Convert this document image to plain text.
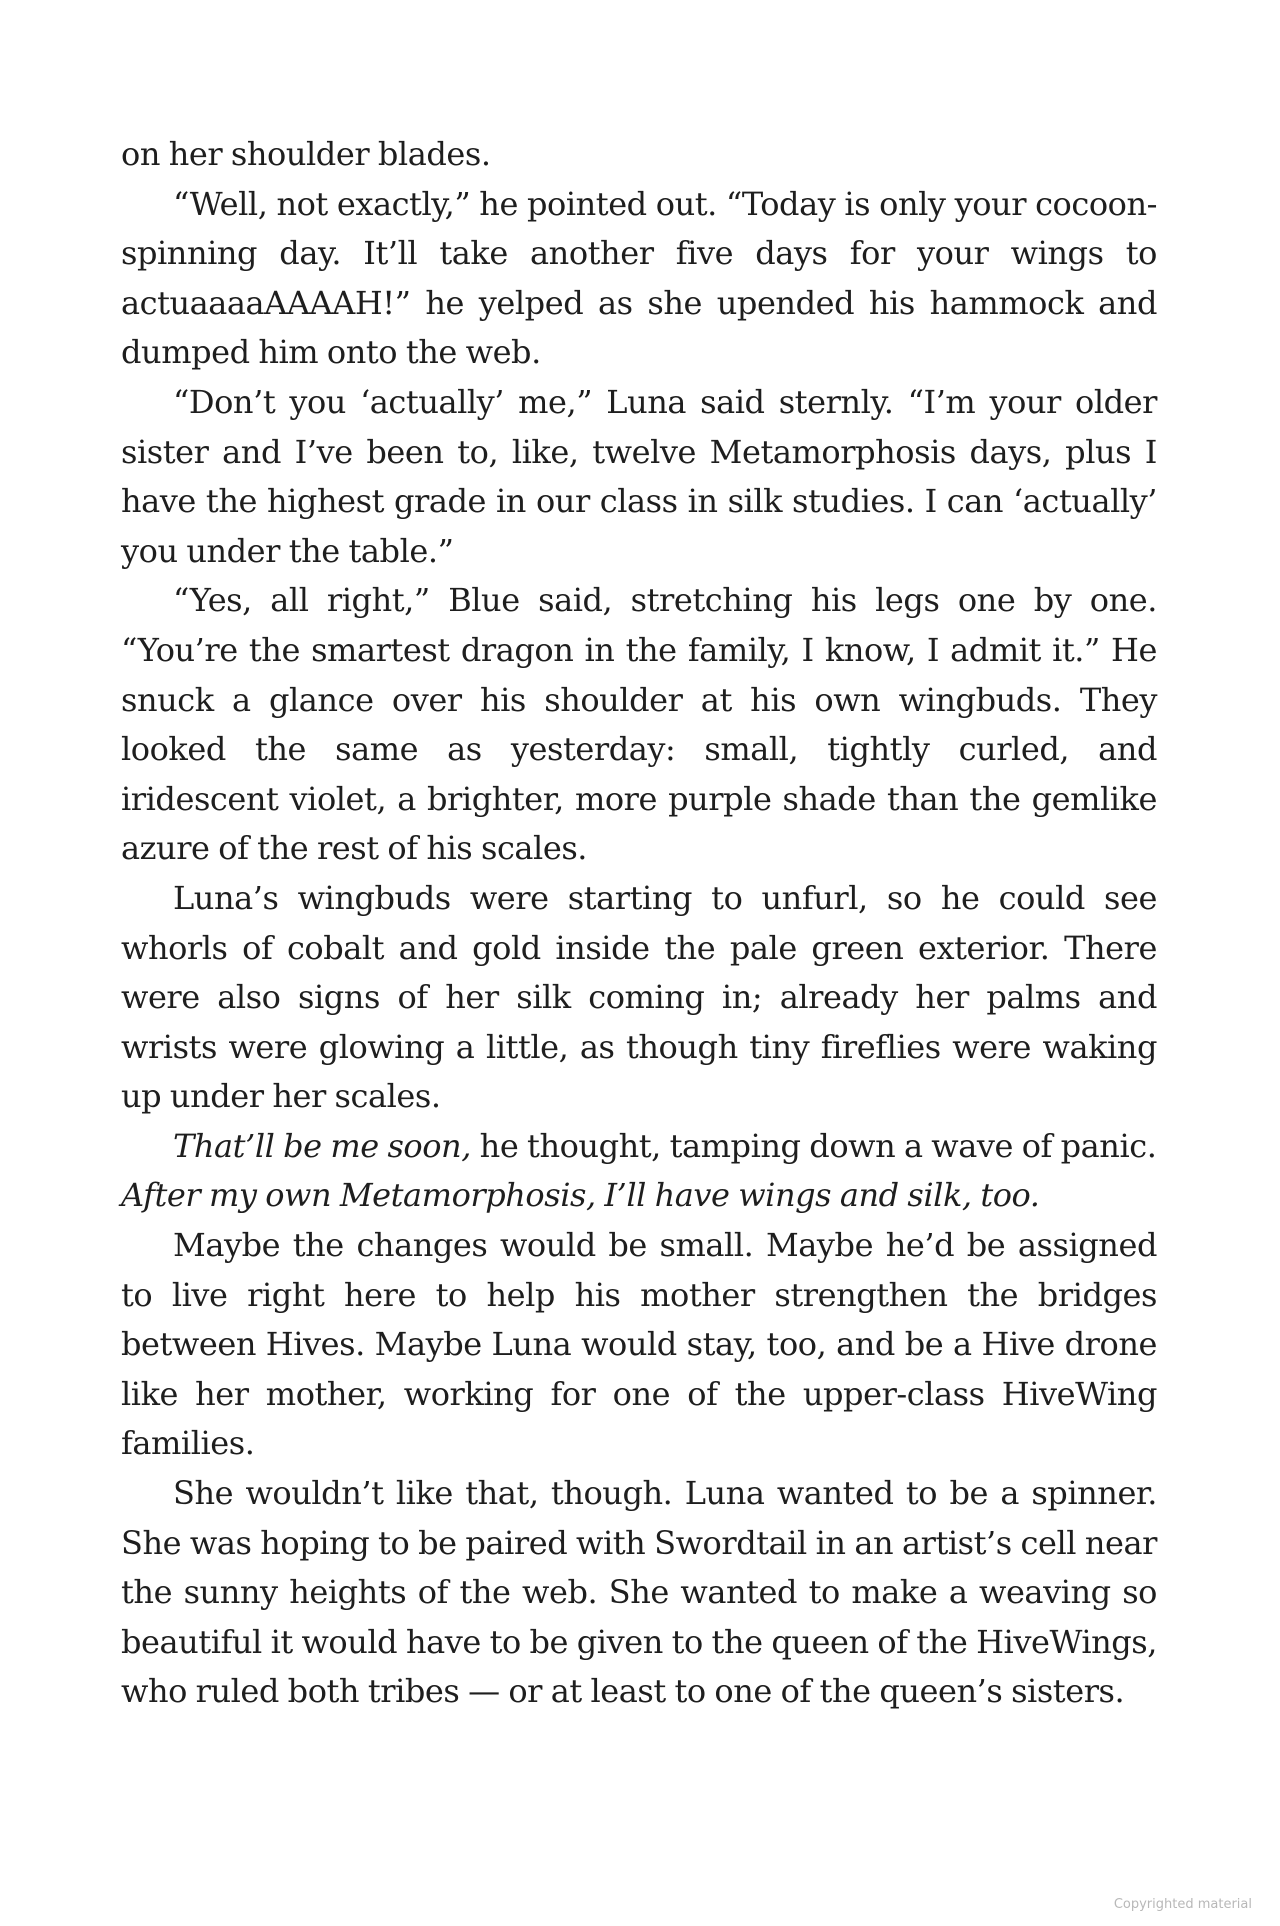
on her shoulder blades.

“Well, not exactly,” he pointed out. “Today is only your cocoon-spinning day. It’ll take another five days for your wings to actuaaaaAAAAH!” he yelped as she upended his hammock and dumped him onto the web.

“Don’t you ‘actually’ me,” Luna said sternly. “I’m your older sister and I’ve been to, like, twelve Metamorphosis days, plus I have the highest grade in our class in silk studies. I can ‘actually’ you under the table.”

“Yes, all right,” Blue said, stretching his legs one by one. “You’re the smartest dragon in the family, I know, I admit it.” He snuck a glance over his shoulder at his own wingbuds. They looked the same as yesterday: small, tightly curled, and iridescent violet, a brighter, more purple shade than the gemlike azure of the rest of his scales.

Luna’s wingbuds were starting to unfurl, so he could see whorls of cobalt and gold inside the pale green exterior. There were also signs of her silk coming in; already her palms and wrists were glowing a little, as though tiny fireflies were waking up under her scales.

That’ll be me soon, he thought, tamping down a wave of panic.

After my own Metamorphosis, I’ll have wings and silk, too.

Maybe the changes would be small. Maybe he’d be assigned to live right here to help his mother strengthen the bridges between Hives. Maybe Luna would stay, too, and be a Hive drone like her mother, working for one of the upper-class HiveWing families.

She wouldn’t like that, though. Luna wanted to be a spinner. She was hoping to be paired with Swordtail in an artist’s cell near the sunny heights of the web. She wanted to make a weaving so beautiful it would have to be given to the queen of the HiveWings, who ruled both tribes — or at least to one of the queen’s sisters.

Copyrighted material
